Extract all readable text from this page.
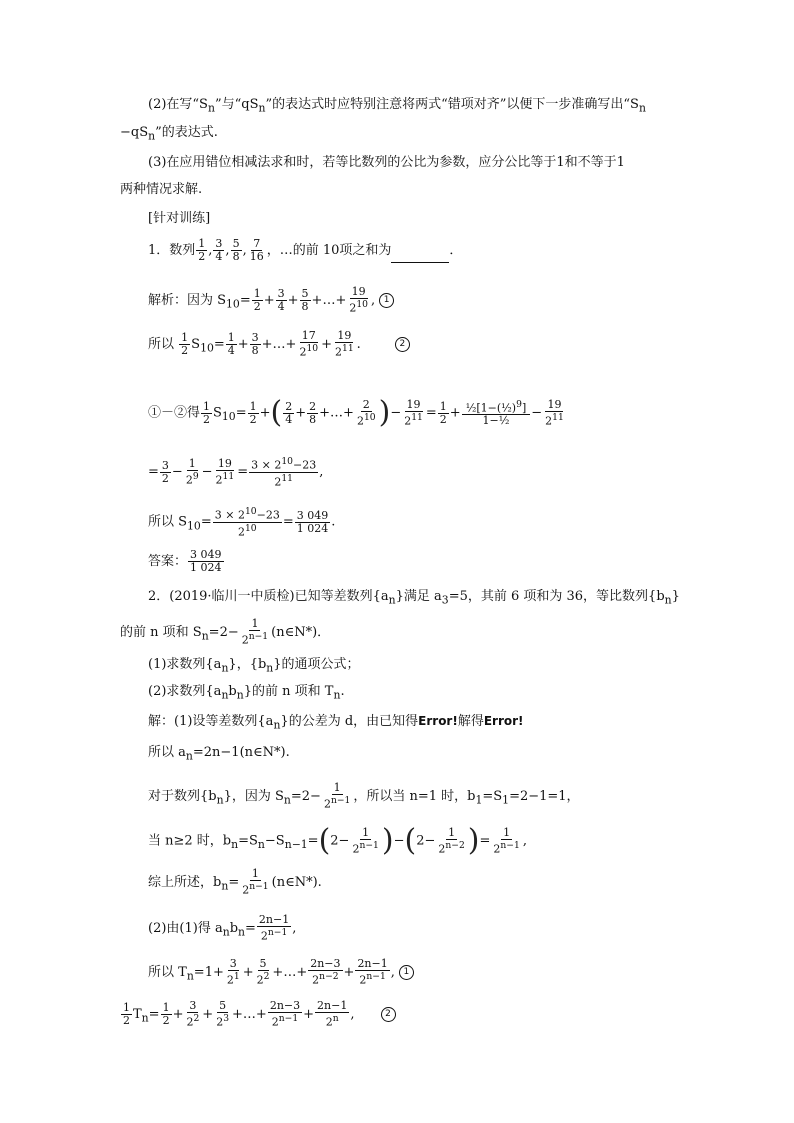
(2)在写“$S_n$”与“$qS_n$”的表达式时应特别注意将两式“错项对齐”以便下一步准确写出“$S_n$
$-qS_n$”的表达式.
(3)在应用错位相减法求和时，若等比数列的公比为参数，应分公比等于1和不等于1
两种情况求解.
[针对训练]
1．数列 $\frac{1}{2}$ , $\frac{3}{4}$ , $\frac{5}{8}$ , $\frac{7}{16}$ ，…的前 10项之和为	．
解析：因为 $S_{10}= \frac{1}{2} + \frac{3}{4} + \frac{5}{8}$ +…+ $\frac{19}{2^{10}}$ , 1
所以 $\frac{1}{2} S_{10}= \frac{1}{4} + \frac{3}{8}$ +…+ $\frac{17}{2^{10}} + \frac{19}{2^{11}}$ .	2
①－②得 $\frac{1}{2} S_{10}= \frac{1}{2}$ +( $\frac{2}{4} + \frac{2}{8}$ +…+ $\frac{2}{2^{10}}$ )− $\frac{19}{2^{11}} = \frac{1}{2} + \frac{\frac{1}{2}[1-(\frac{1}{2})^9]}{\text{1−½}} - \frac{19}{2^{11}}$
= $\frac{3}{2} - \frac{1}{2^9} - \frac{19}{2^{11}} = \frac{3 \times 2^{10}-23}{2^{11}}$ ,
所以 $S_{10}= \frac{3 \times 2^{10}-23}{2^{10}} = \frac{3 049}{1 024}$ .
答案： $\frac{3 049}{1 024}$
2．(2019·临川一中质检)已知等差数列$\{a_n\}$满足 $a_3=5$，其前 6 项和为 36，等比数列$\{b_n\}$
的前 n 项和 $S_n=2- \frac{1}{2^{n-1}}$ (n∈N*)．
(1)求数列$\{a_n\}$，$\{b_n\}$的通项公式；
(2)求数列$\{a_nb_n\}$的前 n 项和 $T_n$.
解：(1)设等差数列$\{a_n\}$的公差为 d，由已知得Error!解得Error!
所以 $a_n=2n-1(n\in N*)$.
对于数列$\{b_n\}$，因为 $S_n=2- \frac{1}{2^{n-1}}$ ，所以当 n=1 时，$b_1=S_1=2-1=1$，
当 n≥2 时，$b_n=S_n-S_{n-1}=(2- \frac{1}{2^{n-1}} )-(2- \frac{1}{2^{n-2}}$ )= $\frac{1}{2^{n-1}}$ ,
综上所述，$b_n= \frac{1}{2^{n-1}}$ (n∈N*).
(2)由(1)得 $a_nb_n= \frac{2n-1}{2^{n-1}}$ ,
所以 $T_n=1+ \frac{3}{2^1} + \frac{5}{2^2}$ +…+ $\frac{2n-3}{2^{n-2}} + \frac{2n-1}{2^{n-1}}$ , 1
$\frac{1}{2} T_n= \frac{1}{2} + \frac{3}{2^2} + \frac{5}{2^3}$ +…+ $\frac{2n-3}{2^{n-1}} + \frac{2n-1}{2^n}$ ,	2
